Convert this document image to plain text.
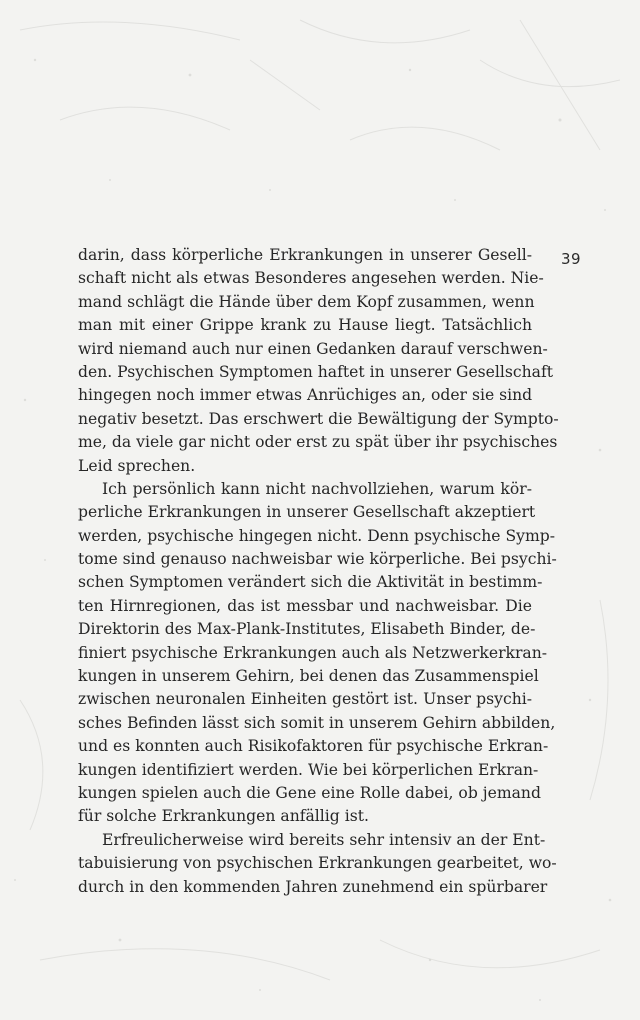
39
darin, dass körperliche Erkrankungen in unserer Gesell-
schaft nicht als etwas Besonderes angesehen werden. Nie-
mand schlägt die Hände über dem Kopf zusammen, wenn
man mit einer Grippe krank zu Hause liegt. Tatsächlich
wird niemand auch nur einen Gedanken darauf verschwen-
den. Psychischen Symptomen haftet in unserer Gesellschaft
hingegen noch immer etwas Anrüchiges an, oder sie sind
negativ besetzt. Das erschwert die Bewältigung der Sympto-
me, da viele gar nicht oder erst zu spät über ihr psychisches
Leid sprechen.
Ich persönlich kann nicht nachvollziehen, warum kör-
perliche Erkrankungen in unserer Gesellschaft akzeptiert
werden, psychische hingegen nicht. Denn psychische Symp-
tome sind genauso nachweisbar wie körperliche. Bei psychi-
schen Symptomen verändert sich die Aktivität in bestimm-
ten Hirnregionen, das ist messbar und nachweisbar. Die
Direktorin des Max-Plank-Institutes, Elisabeth Binder, de-
finiert psychische Erkrankungen auch als Netzwerkerkran-
kungen in unserem Gehirn, bei denen das Zusammenspiel
zwischen neuronalen Einheiten gestört ist. Unser psychi-
sches Befinden lässt sich somit in unserem Gehirn abbilden,
und es konnten auch Risikofaktoren für psychische Erkran-
kungen identifiziert werden. Wie bei körperlichen Erkran-
kungen spielen auch die Gene eine Rolle dabei, ob jemand
für solche Erkrankungen anfällig ist.
Erfreulicherweise wird bereits sehr intensiv an der Ent-
tabuisierung von psychischen Erkrankungen gearbeitet, wo-
durch in den kommenden Jahren zunehmend ein spürbarer
